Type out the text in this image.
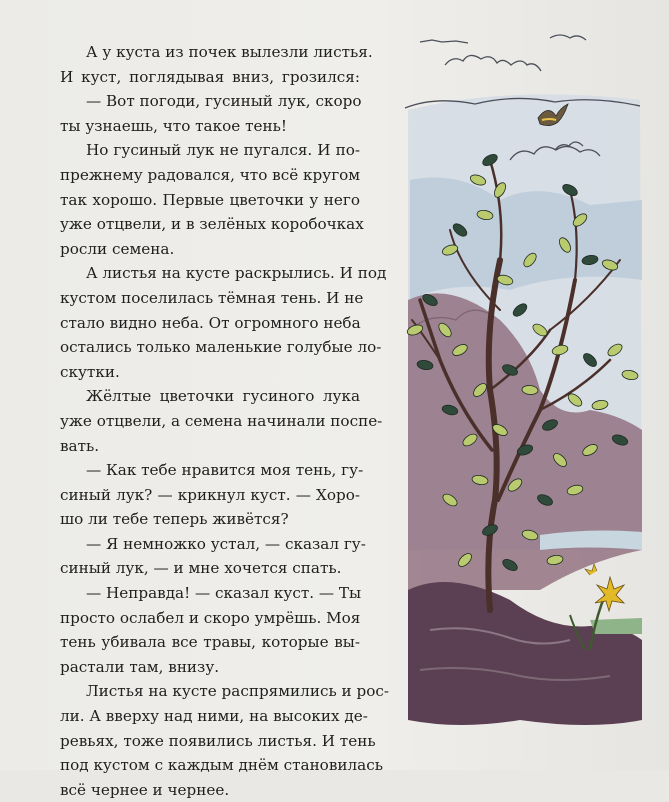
А у куста из почек вылезли листья.
И куст, поглядывая вниз, грозился:
— Вот погоди, гусиный лук, скоро
ты узнаешь, что такое тень!
Но гусиный лук не пугался. И по-
прежнему радовался, что всё кругом
так хорошо. Первые цветочки у него
уже отцвели, и в зелёных коробочках
росли семена.
А листья на кусте раскрылись. И под
кустом поселилась тёмная тень. И не
стало видно неба. От огромного неба
остались только маленькие голубые ло-
скутки.
Жёлтые цветочки гусиного лука
уже отцвели, а семена начинали поспе-
вать.
— Как тебе нравится моя тень, гу-
синый лук? — крикнул куст. — Хоро-
шо ли тебе теперь живётся?
— Я немножко устал, — сказал гу-
синый лук, — и мне хочется спать.
— Неправда! — сказал куст. — Ты
просто ослабел и скоро умрёшь. Моя
тень убивала все травы, которые вы-
растали там, внизу.
Листья на кусте распрямились и рос-
ли. А вверху над ними, на высоких де-
ревьях, тоже появились листья. И тень
под кустом с каждым днём становилась
всё чернее и чернее.
